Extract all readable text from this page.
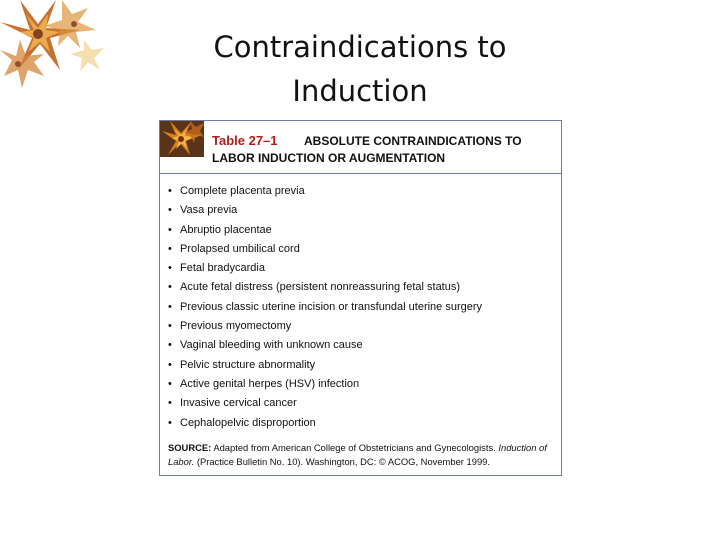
Contraindications to
Induction
ABSOLUTE CONTRAINDICATIONS TO LABOR INDUCTION OR AUGMENTATION
Table 27–1
• Complete placenta previa
• Vasa previa
• Abruptio placentae
• Prolapsed umbilical cord
• Fetal bradycardia
• Acute fetal distress (persistent nonreassuring fetal status)
• Previous classic uterine incision or transfundal uterine surgery
• Previous myomectomy
• Vaginal bleeding with unknown cause
• Pelvic structure abnormality
• Active genital herpes (HSV) infection
• Invasive cervical cancer
• Cephalopelvic disproportion
SOURCE: Adapted from American College of Obstetricians and Gynecologists. Induction of Labor. (Practice Bulletin No. 10). Washington, DC: © ACOG, November 1999.
